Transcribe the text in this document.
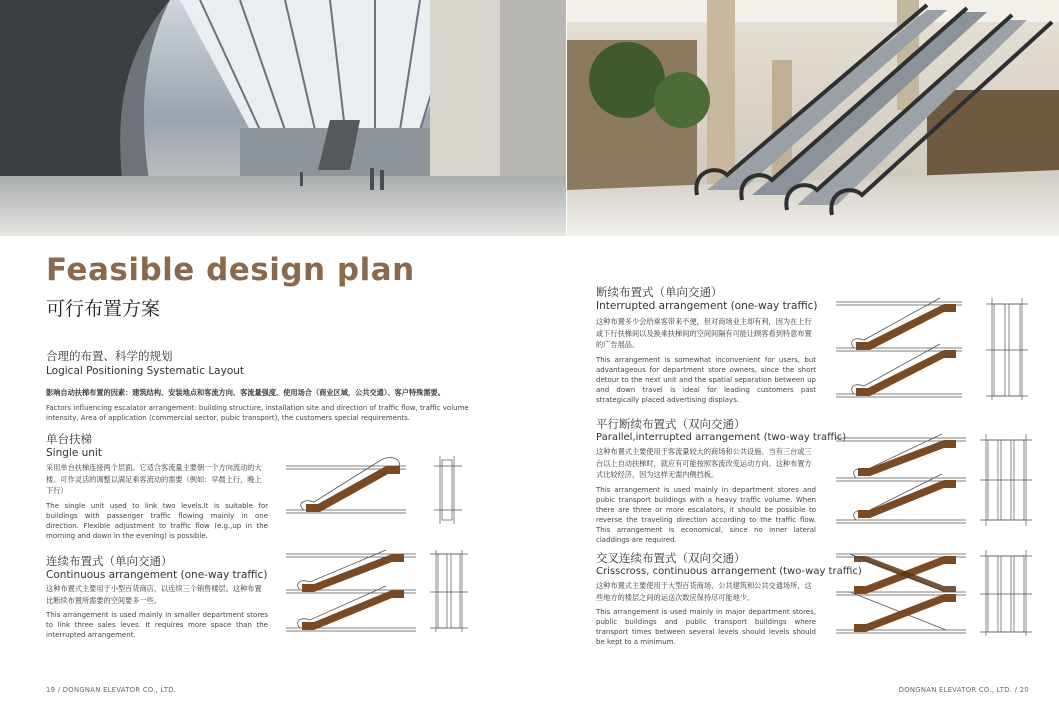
Feasible design plan
可行布置方案
合理的布置、科学的规划
Logical Positioning Systematic Layout
影响自动扶梯布置的因素：建筑结构、安装地点和客流方向、客流量强度、使用场合（商业区域，公共交通）、客户特殊需要。
Factors influencing escalator arrangement: building structure, installation site and direction of traffic flow, traffic volume intensity, Area of application (commercial sector, pubic transport), the customers special requirements.
单台扶梯
Single unit
采用单台扶梯连接两个层面。它适合客流量主要朝一个方向流动的大楼。可作灵活的调整以满足乘客流动的需要（例如：早晨上行，晚上下行）
The single unit used to link two levels.It is suitable for buildings with passenger traffic flowing mainly in one direction. Flexible adjustment to traffic flow (e.g.,up in the morning and down in the evening) is possible.
连续布置式（单向交通）
Continuous arrangement (one-way traffic)
这种布置式主要用于小型百货商店，以连续三个销售楼层。这种布置比断续布置所需要的空间要多一些。
This arrangement is used mainly in smaller department stores to link three sales leves. It requires more space than the interrupted arrangement.
断续布置式（单向交通）
Interrupted arrangement (one-way traffic)
这种布置多少会给乘客带来不便，但对商场业主却有利，因为在上行或下行扶梯间以及换乘扶梯间的空间间隔有可能让顾客看到特意布置的广告展品。
This arrangement is somewhat inconvenient for users, but advantageous for department store owners, since the short detour to the next unit and the spatial separation between up and down travel is ideal for leading customers past strategically placed advertising displays.
平行断续布置式（双向交通）
Parallel,interrupted arrangement (two-way traffic)
这种布置式主要使用于客流量较大的商场和公共设施。当有三台或三台以上自动扶梯时，就应有可能按照客流改变运动方向。这种布置方式比较经济，因为这样无需内侧挡板。
This arrangement is used mainly in department stores and pubic transport buildings with a heavy traffic volume. When there are three or more escalators, it should be possible to reverse the traveling direction according to the traffic flow. This arrangement is economical, since no inner lateral claddings are required.
交叉连续布置式（双向交通）
Crisscross, continuous arrangement (two-way traffic)
这种布置式主要使用于大型百货商场、公共建筑和公共交通场所，这些地方的楼层之间的运送次数应保持尽可能地少。
This arrangement is used mainly in major department stores, public buildings and public transport buildings where transport times between several levels should levels should be kept to a minimum.
19 / DONGNAN ELEVATOR CO., LTD.	DONGNAN ELEVATOR CO., LTD. / 20
